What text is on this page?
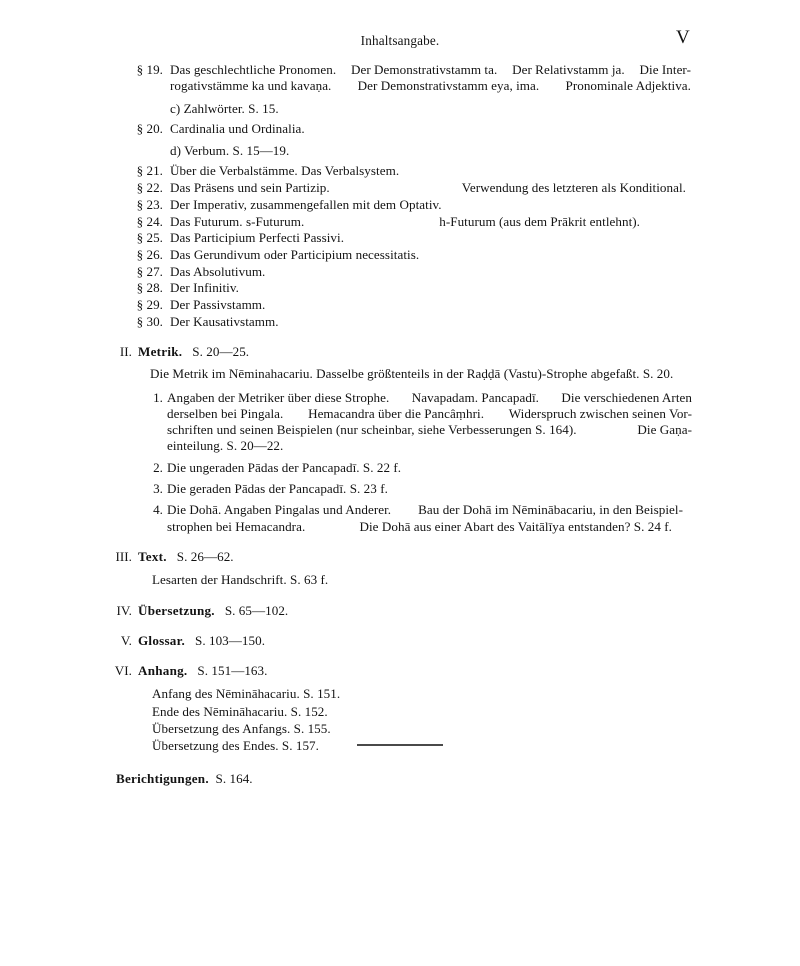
Inhaltsangabe.	V
§ 19. Das geschlechtliche Pronomen. Der Demonstrativstamm ta. Der Relativstamm ja. Die Inter-
rogativstämme ka und kavaṇa. Der Demonstrativstamm eya, ima. Pronominale Adjektiva.
c) Zahlwörter. S. 15.
§ 20. Cardinalia und Ordinalia.
d) Verbum. S. 15—19.
§ 21. Über die Verbalstämme. Das Verbalsystem.
§ 22. Das Präsens und sein Partizip.	Verwendung des letzteren als Konditional.
§ 23. Der Imperativ, zusammengefallen mit dem Optativ.
§ 24. Das Futurum. s-Futurum.	h-Futurum (aus dem Prākrit entlehnt).
§ 25. Das Participium Perfecti Passivi.
§ 26. Das Gerundivum oder Participium necessitatis.
§ 27. Das Absolutivum.
§ 28. Der Infinitiv.
§ 29. Der Passivstamm.
§ 30. Der Kausativstamm.
II. Metrik. S. 20—25.
Die Metrik im Nēminahacariu. Dasselbe größtenteils in der Raḍḍā (Vastu)-Strophe abgefaßt. S. 20.
1. Angaben der Metriker über diese Strophe. Navapadam. Pancapadī. Die verschiedenen Arten
derselben bei Pingala. Hemacandra über die Pancâṃhri. Widerspruch zwischen seinen Vor-
schriften und seinen Beispielen (nur scheinbar, siehe Verbesserungen S. 164).	Die Gaṇa-
einteilung. S. 20—22.
2. Die ungeraden Pādas der Pancapadī. S. 22 f.
3. Die geraden Pādas der Pancapadī. S. 23 f.
4. Die Dohā. Angaben Pingalas und Anderer. Bau der Dohā im Nēminābacariu, in den Beispiel-
strophen bei Hemacandra.	Die Dohā aus einer Abart des Vaitālīya entstanden? S. 24 f.
III. Text. S. 26—62.
Lesarten der Handschrift. S. 63 f.
IV. Übersetzung. S. 65—102.
V. Glossar. S. 103—150.
VI. Anhang. S. 151—163.
Anfang des Nēmināhacariu. S. 151.
Ende des Nēmināhacariu. S. 152.
Übersetzung des Anfangs. S. 155.
Übersetzung des Endes. S. 157.
Berichtigungen. S. 164.
